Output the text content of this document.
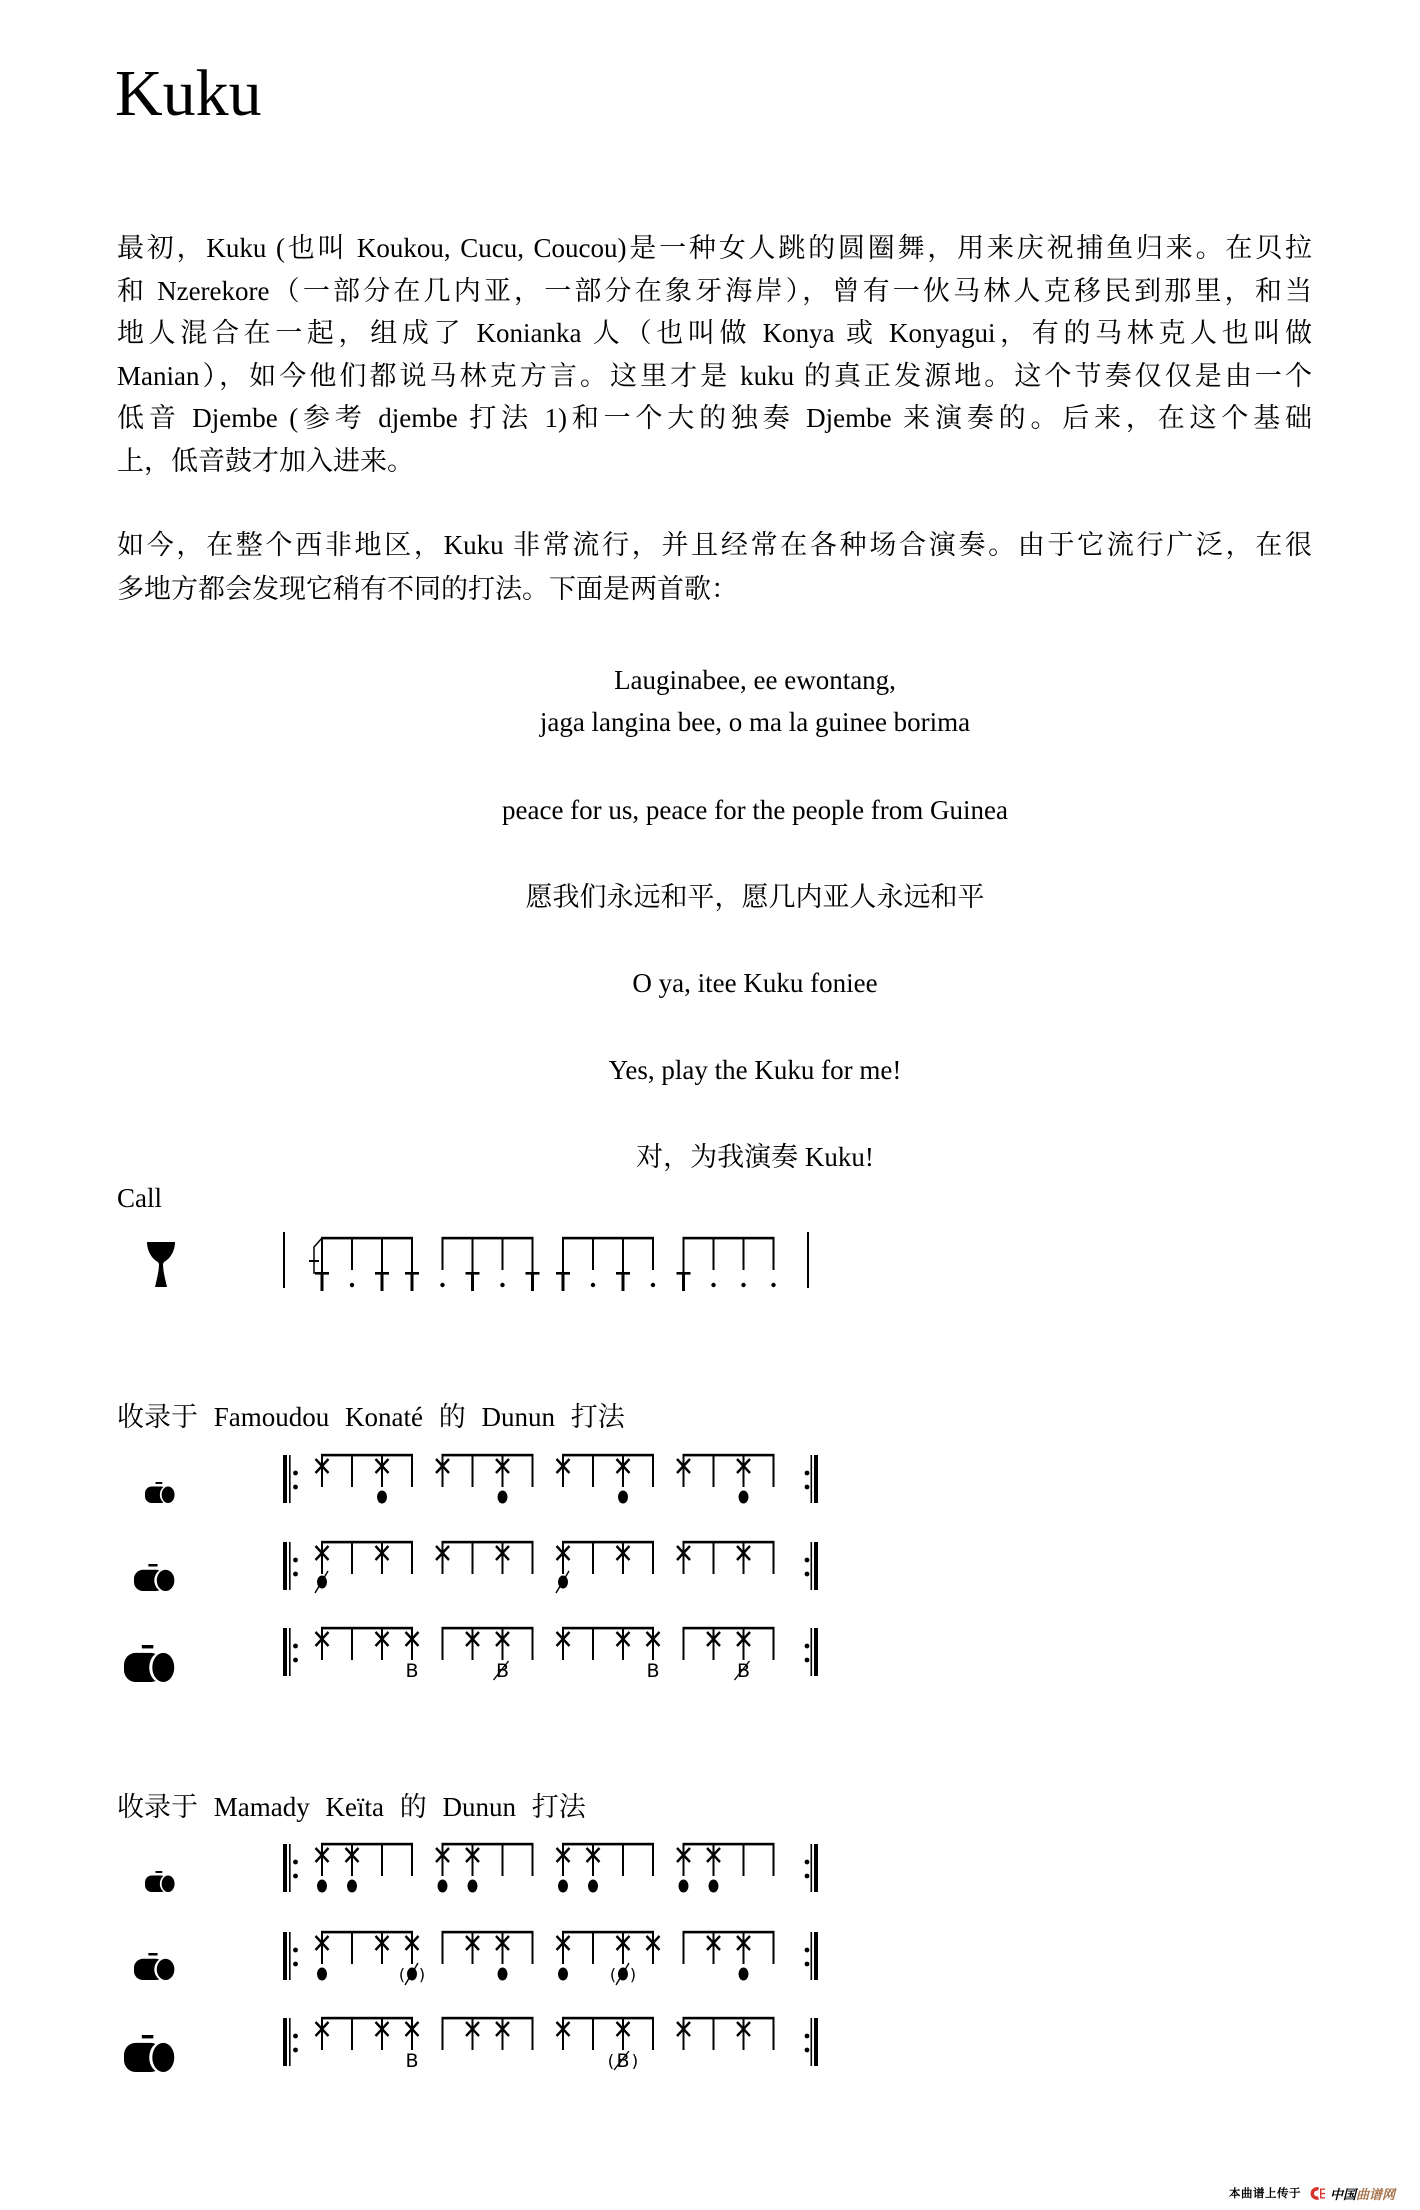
Kuku
最初，Kuku (也叫 Koukou, Cucu, Coucou)是一种女人跳的圆圈舞，用来庆祝捕鱼归来。在贝拉
和 Nzerekore（一部分在几内亚，一部分在象牙海岸），曾有一伙马林人克移民到那里，和当
地人混合在一起，组成了 Konianka 人（也叫做 Konya 或 Konyagui，有的马林克人也叫做
Manian），如今他们都说马林克方言。这里才是 kuku 的真正发源地。这个节奏仅仅是由一个
低音 Djembe (参考 djembe 打法 1)和一个大的独奏 Djembe 来演奏的。后来，在这个基础
上，低音鼓才加入进来。
如今，在整个西非地区，Kuku 非常流行，并且经常在各种场合演奏。由于它流行广泛，在很
多地方都会发现它稍有不同的打法。下面是两首歌：
Lauginabee, ee ewontang,
jaga langina bee, o ma la guinee borima
peace for us, peace for the people from Guinea
愿我们永远和平，愿几内亚人永远和平
O ya, itee Kuku foniee
Yes, play the Kuku for me!
对，为我演奏 Kuku!
Call
收录于 Famoudou Konaté 的 Dunun 打法
B	B	B	B
收录于 Mamady Keïta 的 Dunun 打法
( )	( )
B	B
( )
本曲谱上传于 中国 曲谱网
